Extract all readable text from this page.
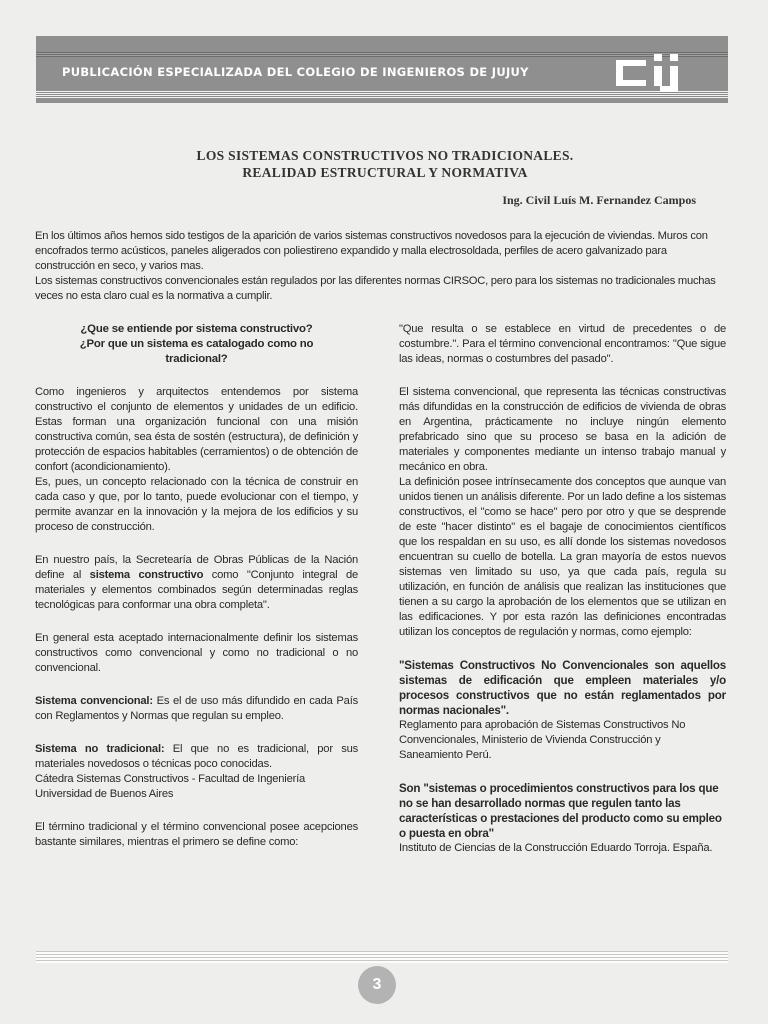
PUBLICACIÓN ESPECIALIZADA DEL COLEGIO DE INGENIEROS DE JUJUY
LOS SISTEMAS CONSTRUCTIVOS NO TRADICIONALES.
REALIDAD ESTRUCTURAL Y NORMATIVA
Ing. Civil Luís M. Fernandez Campos

En los últimos años hemos sido testigos de la aparición de varios sistemas constructivos novedosos para la ejecución de viviendas. Muros con encofrados termo acústicos, paneles aligerados con poliestireno expandido y malla electrosoldada, perfiles de acero galvanizado para construcción en seco, y varios mas.

Los sistemas constructivos convencionales están regulados por las diferentes normas CIRSOC, pero para los sistemas no tradicionales muchas veces no esta claro cual es la normativa a cumplir.

¿Que se entiende por sistema constructivo?

¿Por que un sistema es catalogado como no tradicional?

Como ingenieros y arquitectos entendemos por sistema constructivo el conjunto de elementos y unidades de un edificio. Estas forman una organización funcional con una misión constructiva común, sea ésta de sostén (estructura), de definición y protección de espacios habitables (cerramientos) o de obtención de confort (acondicionamiento).

Es, pues, un concepto relacionado con la técnica de construir en cada caso y que, por lo tanto, puede evolucionar con el tiempo, y permite avanzar en la innovación y la mejora de los edificios y su proceso de construcción.

En nuestro país, la Secretearía de Obras Públicas de la Nación define al sistema constructivo como "Conjunto integral de materiales y elementos combinados según determinadas reglas tecnológicas para conformar una obra completa".

En general esta aceptado internacionalmente definir los sistemas constructivos como convencional y como no tradicional o no convencional.

Sistema convencional: Es el de uso más difundido en cada País con Reglamentos y Normas que regulan su empleo.

Sistema no tradicional: El que no es tradicional, por sus materiales novedosos o técnicas poco conocidas.

Cátedra Sistemas Constructivos - Facultad de Ingeniería Universidad de Buenos Aires

El término tradicional y el término convencional posee acepciones bastante similares, mientras el primero se define como:

"Que resulta o se establece en virtud de precedentes o de costumbre.". Para el término convencional encontramos: "Que sigue las ideas, normas o costumbres del pasado".

El sistema convencional, que representa las técnicas constructivas más difundidas en la construcción de edificios de vivienda de obras en Argentina, prácticamente no incluye ningún elemento prefabricado sino que su proceso se basa en la adición de materiales y componentes mediante un intenso trabajo manual y mecánico en obra.

La definición posee intrínsecamente dos conceptos que aunque van unidos tienen un análisis diferente. Por un lado define a los sistemas constructivos, el "como se hace" pero por otro y que se desprende de este "hacer distinto" es el bagaje de conocimientos científicos que los respaldan en su uso, es allí donde los sistemas novedosos encuentran su cuello de botella. La gran mayoría de estos nuevos sistemas ven limitado su uso, ya que cada país, regula su utilización, en función de análisis que realizan las instituciones que tienen a su cargo la aprobación de los elementos que se utilizan en las edificaciones. Y por esta razón las definiciones encontradas utilizan los conceptos de regulación y normas, como ejemplo:

"Sistemas Constructivos No Convencionales son aquellos sistemas de edificación que empleen materiales y/o procesos constructivos que no están reglamentados por normas nacionales".

Reglamento para aprobación de Sistemas Constructivos No Convencionales, Ministerio de Vivienda Construcción y Saneamiento Perú.

Son "sistemas o procedimientos constructivos para los que no se han desarrollado normas que regulen tanto las características o prestaciones del producto como su empleo o puesta en obra"

Instituto de Ciencias de la Construcción Eduardo Torroja. España.

3
